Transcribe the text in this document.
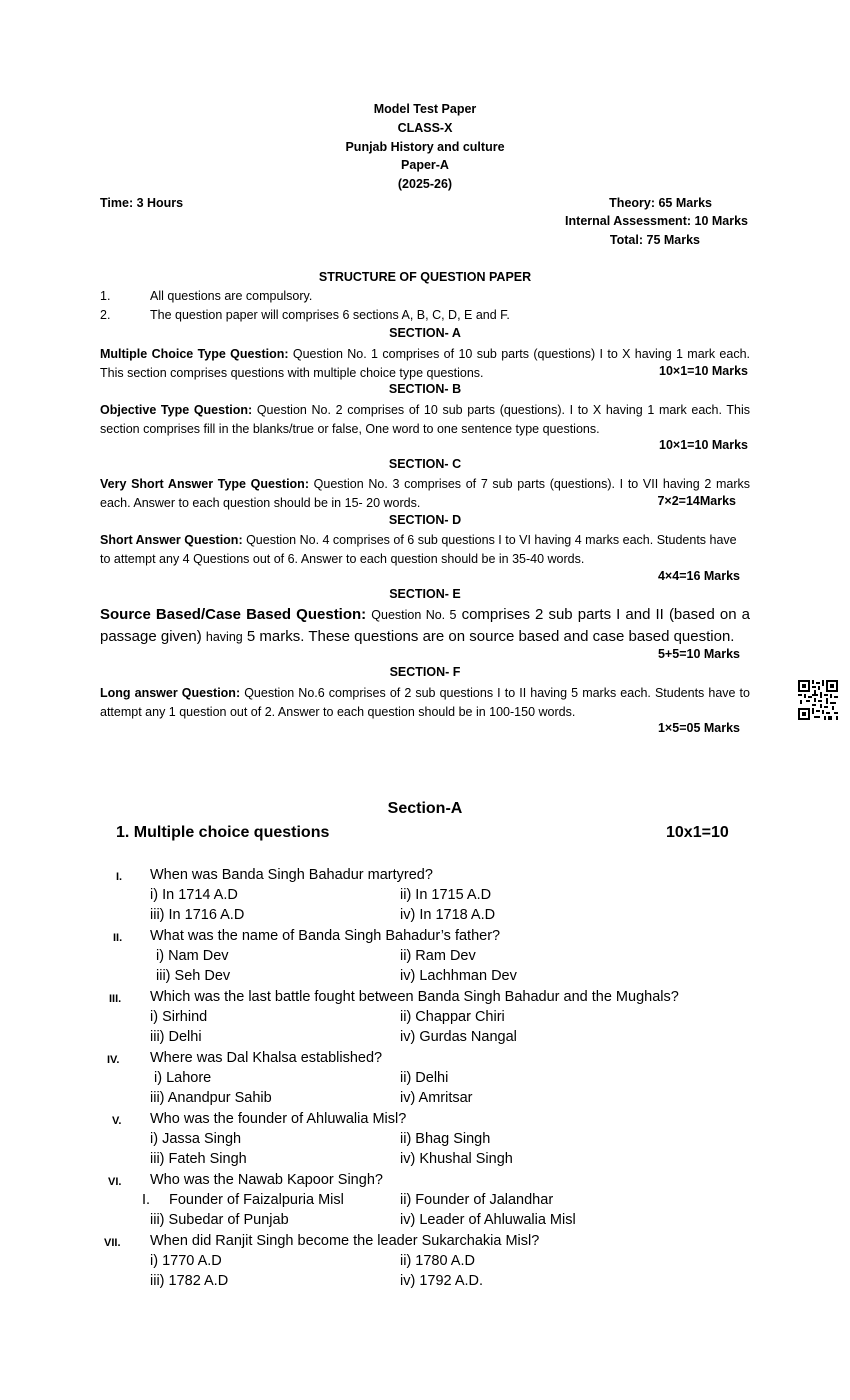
Model Test Paper
CLASS-X
Punjab History and culture
Paper-A
(2025-26)
Time: 3 Hours	Theory: 65 Marks
Internal Assessment: 10 Marks
Total: 75 Marks
STRUCTURE OF QUESTION PAPER
1.	All questions are compulsory.
2.	The question paper will comprises 6 sections A, B, C, D, E and F.
SECTION- A
Multiple Choice Type Question: Question No. 1 comprises of 10 sub parts (questions) I to X having 1 mark each. This section comprises questions with multiple choice type questions.	10×1=10 Marks
SECTION- B
Objective Type Question: Question No. 2 comprises of 10 sub parts (questions). I to X having 1 mark each. This section comprises fill in the blanks/true or false, One word to one sentence type questions.
10×1=10 Marks
SECTION- C
Very Short Answer Type Question: Question No. 3 comprises of 7 sub parts (questions). I to VII having 2 marks each. Answer to each question should be in 15- 20 words.	7×2=14Marks
SECTION- D
Short Answer Question: Question No. 4 comprises of 6 sub questions I to VI having 4 marks each. Students have to attempt any 4 Questions out of 6. Answer to each question should be in 35-40 words.
4×4=16 Marks
SECTION- E
Source Based/Case Based Question: Question No. 5 comprises 2 sub parts I and II (based on a passage given) having 5 marks. These questions are on source based and case based question.
5+5=10 Marks
SECTION- F
Long answer Question: Question No.6 comprises of 2 sub questions I to II having 5 marks each. Students have to attempt any 1 question out of 2. Answer to each question should be in 100-150 words.
1×5=05 Marks
Section-A
1. Multiple choice questions	10x1=10
I. When was Banda Singh Bahadur martyred?
i) In 1714 A.D	ii) In 1715 A.D
iii) In 1716 A.D	iv) In 1718 A.D
II. What was the name of Banda Singh Bahadur’s father?
i) Nam Dev	ii) Ram Dev
iii) Seh Dev	iv) Lachhman Dev
III. Which was the last battle fought between Banda Singh Bahadur and the Mughals?
i) Sirhind	ii) Chappar Chiri
iii) Delhi	iv) Gurdas Nangal
IV. Where was Dal Khalsa established?
i) Lahore	ii) Delhi
iii) Anandpur Sahib	iv) Amritsar
V. Who was the founder of Ahluwalia Misl?
i) Jassa Singh	ii) Bhag Singh
iii) Fateh Singh	iv) Khushal Singh
VI. Who was the Nawab Kapoor Singh?
I. Founder of Faizalpuria Misl	ii) Founder of Jalandhar
iii) Subedar of Punjab	iv) Leader of Ahluwalia Misl
VII. When did Ranjit Singh become the leader Sukarchakia Misl?
i) 1770 A.D	ii) 1780 A.D
iii) 1782 A.D	iv) 1792 A.D.
